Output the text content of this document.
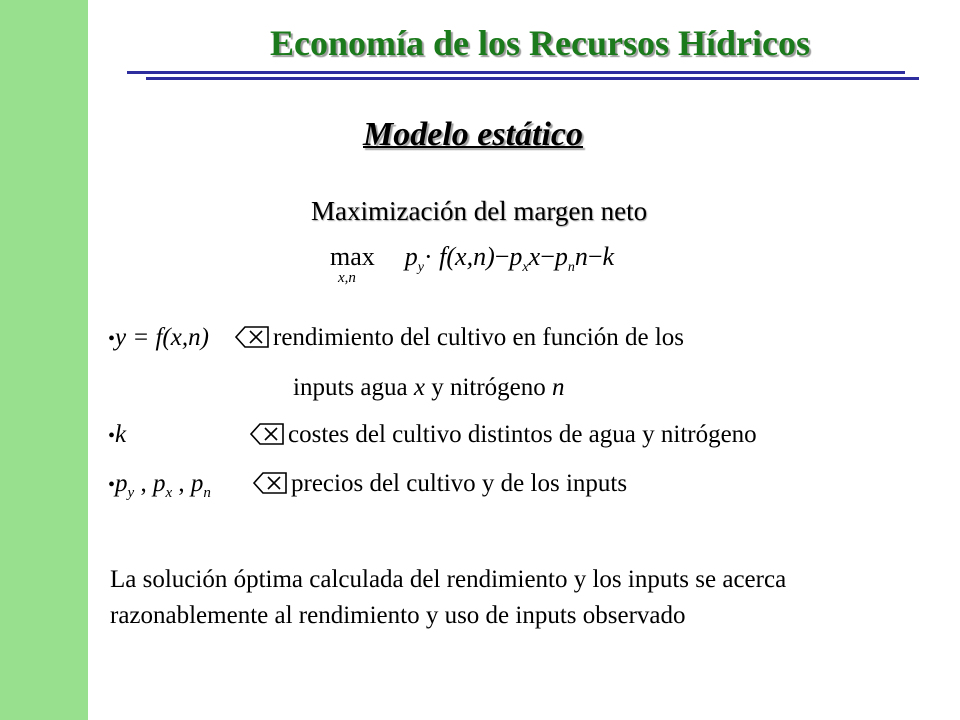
Economía de los Recursos Hídricos
Modelo estático
Maximización del margen neto
max
x,n
$p_y\cdot f(x,n)-p_xx-p_nn-k$
•y = f(x,n)	rendimiento del cultivo en función de los
inputs agua x y nitrógeno n
•k	costes del cultivo distintos de agua y nitrógeno
$•p_y$ , $p_x$ , $p_n$	precios del cultivo y de los inputs
La solución óptima calculada del rendimiento y los inputs se acerca razonablemente al rendimiento y uso de inputs observado
